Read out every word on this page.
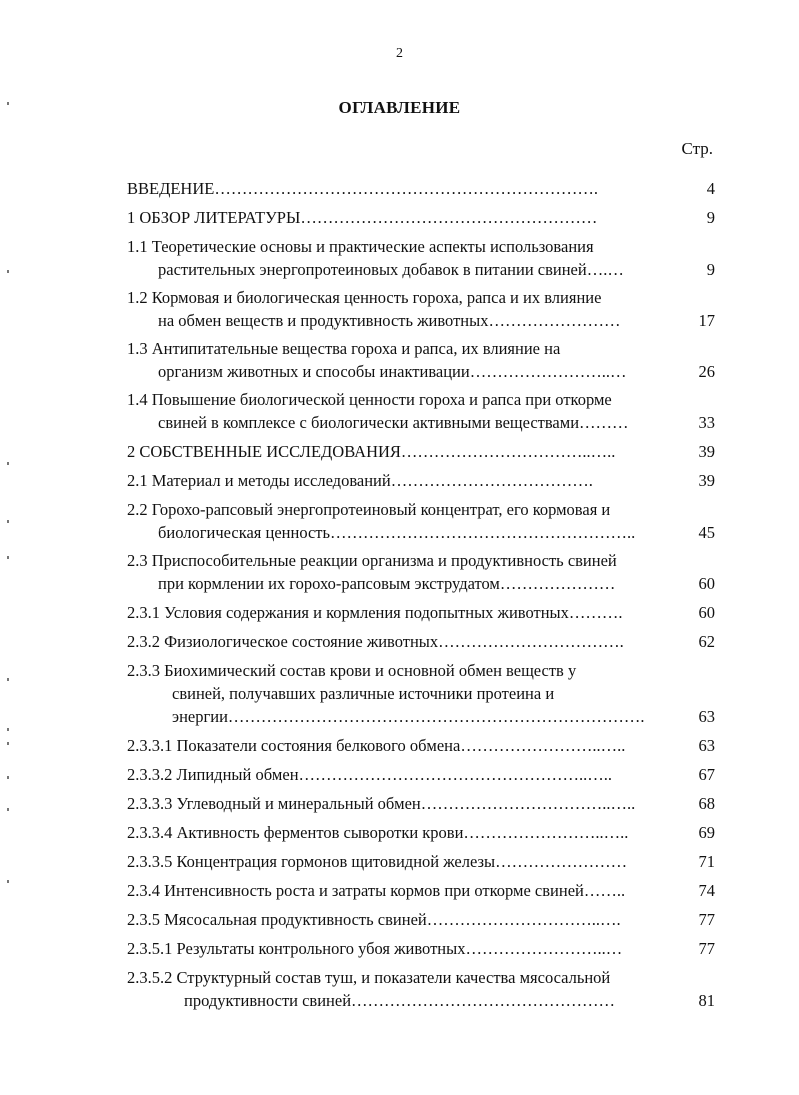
2
ОГЛАВЛЕНИЕ
Стр.
ВВЕДЕНИЕ…………………………………………………………….	4
1 ОБЗОР ЛИТЕРАТУРЫ………………………………………………	9
1.1 Теоретические основы и практические аспекты использования
растительных энергопротеиновых добавок в питании свиней….…	9
1.2 Кормовая и биологическая ценность гороха, рапса и их влияние
на обмен веществ и продуктивность животных……………………	17
1.3 Антипитательные вещества гороха и рапса, их влияние на
организм животных и способы инактивации……………………..…	26
1.4 Повышение биологической ценности гороха и рапса при откорме
свиней в комплексе с биологически активными веществами………	33
2 СОБСТВЕННЫЕ ИССЛЕДОВАНИЯ……………………………..…..	39
2.1 Материал и методы исследований……………………………….	39
2.2 Горохо-рапсовый энергопротеиновый концентрат, его кормовая и
биологическая ценность………………………………………………..	45
2.3 Приспособительные реакции организма и продуктивность свиней
при кормлении их горохо-рапсовым экструдатом…………………	60
2.3.1 Условия содержания и кормления подопытных животных……….	60
2.3.2 Физиологическое состояние животных…………………………….	62
2.3.3 Биохимический состав крови и основной обмен веществ у
свиней, получавших различные источники протеина и
энергии………………………………………………………………….	63
2.3.3.1 Показатели состояния белкового обмена……………………..…..	63
2.3.3.2 Липидный обмен……………………………………………..…..	67
2.3.3.3 Углеводный и минеральный обмен……………………………..…..	68
2.3.3.4 Активность ферментов сыворотки крови……………………..…..	69
2.3.3.5 Концентрация гормонов щитовидной железы……………………	71
2.3.4 Интенсивность роста и затраты кормов при откорме свиней……..	74
2.3.5 Мясосальная продуктивность свиней…………………………..….	77
2.3.5.1 Результаты контрольного убоя животных……………………..…	77
2.3.5.2 Структурный состав туш, и показатели качества мясосальной
продуктивности свиней…………………………………………	81
